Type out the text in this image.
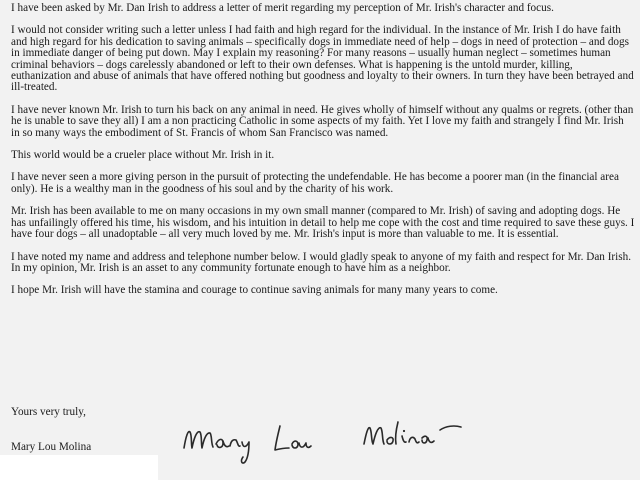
I have been asked by Mr. Dan Irish to address a letter of merit regarding my perception of Mr. Irish's character and focus.

I would not consider writing such a letter unless I had faith and high regard for the individual. In the instance of Mr. Irish I do have faith and high regard for his dedication to saving animals – specifically dogs in immediate need of help – dogs in need of protection – and dogs in immediate danger of being put down. May I explain my reasoning? For many reasons – usually human neglect – sometimes human criminal behaviors – dogs carelessly abandoned or left to their own defenses. What is happening is the untold murder, killing, euthanization and abuse of animals that have offered nothing but goodness and loyalty to their owners. In turn they have been betrayed and ill-treated.

I have never known Mr. Irish to turn his back on any animal in need. He gives wholly of himself without any qualms or regrets. (other than he is unable to save they all) I am a non practicing Catholic in some aspects of my faith. Yet I love my faith and strangely I find Mr. Irish in so many ways the embodiment of St. Francis of whom San Francisco was named.

This world would be a crueler place without Mr. Irish in it.

I have never seen a more giving person in the pursuit of protecting the undefendable. He has become a poorer man (in the financial area only). He is a wealthy man in the goodness of his soul and by the charity of his work.

Mr. Irish has been available to me on many occasions in my own small manner (compared to Mr. Irish) of saving and adopting dogs. He has unfailingly offered his time, his wisdom, and his intuition in detail to help me cope with the cost and time required to save these guys. I have four dogs – all unadoptable – all very much loved by me. Mr. Irish's input is more than valuable to me. It is essential.

I have noted my name and address and telephone number below. I would gladly speak to anyone of my faith and respect for Mr. Dan Irish. In my opinion, Mr. Irish is an asset to any community fortunate enough to have him as a neighbor.

I hope Mr. Irish will have the stamina and courage to continue saving animals for many many years to come.

Yours very truly,
Mary Lou Molina
